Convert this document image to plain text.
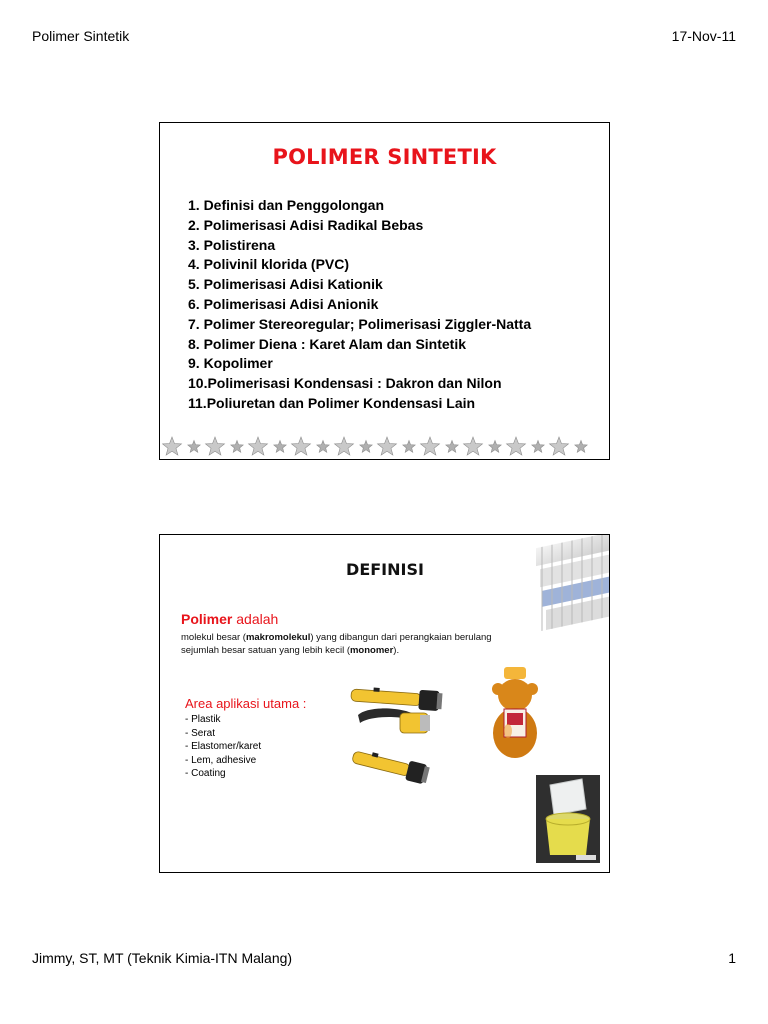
Polimer Sintetik	17-Nov-11
POLIMER SINTETIK
1. Definisi dan Penggolongan
2. Polimerisasi Adisi Radikal Bebas
3. Polistirena
4. Polivinil klorida (PVC)
5. Polimerisasi Adisi Kationik
6. Polimerisasi Adisi Anionik
7. Polimer Stereoregular; Polimerisasi Ziggler-Natta
8. Polimer Diena : Karet Alam dan Sintetik
9. Kopolimer
10.Polimerisasi Kondensasi : Dakron dan Nilon
11.Poliuretan dan Polimer Kondensasi Lain
DEFINISI
Polimer adalah
molekul besar (makromolekul) yang dibangun dari perangkaian berulang
sejumlah besar satuan yang lebih kecil (monomer).
Area aplikasi utama :
- Plastik
- Serat
- Elastomer/karet
- Lem, adhesive
- Coating
Jimmy, ST, MT (Teknik Kimia-ITN Malang)	1
